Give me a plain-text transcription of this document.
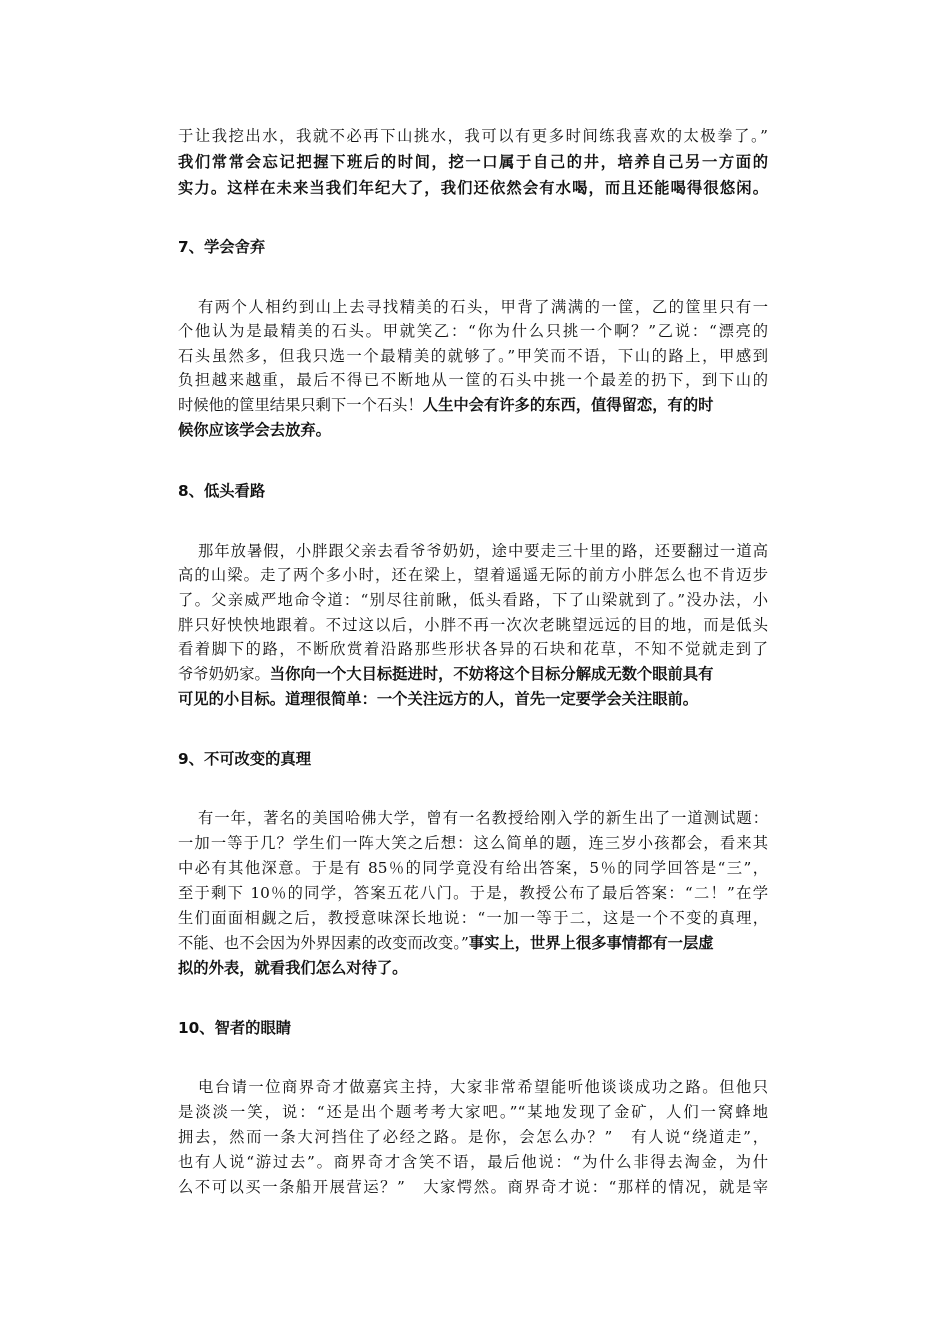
于让我挖出水，我就不必再下山挑水，我可以有更多时间练我喜欢的太极拳了。”
我们常常会忘记把握下班后的时间，挖一口属于自己的井，培养自己另一方面的
实力。这样在未来当我们年纪大了，我们还依然会有水喝，而且还能喝得很悠闲。
7、学会舍弃
有两个人相约到山上去寻找精美的石头，甲背了满满的一筐，乙的筐里只有一
个他认为是最精美的石头。甲就笑乙：“你为什么只挑一个啊？”乙说：“漂亮的
石头虽然多，但我只选一个最精美的就够了。”甲笑而不语，下山的路上，甲感到
负担越来越重，最后不得已不断地从一筐的石头中挑一个最差的扔下，到下山的
时候他的筐里结果只剩下一个石头！人生中会有许多的东西，值得留恋，有的时
候你应该学会去放弃。
8、低头看路
那年放暑假，小胖跟父亲去看爷爷奶奶，途中要走三十里的路，还要翻过一道高
高的山梁。走了两个多小时，还在梁上，望着遥遥无际的前方小胖怎么也不肯迈步
了。父亲威严地命令道：“别尽往前瞅，低头看路，下了山梁就到了。”没办法，小
胖只好怏怏地跟着。不过这以后，小胖不再一次次老眺望远远的目的地，而是低头
看着脚下的路，不断欣赏着沿路那些形状各异的石块和花草，不知不觉就走到了
爷爷奶奶家。当你向一个大目标挺进时，不妨将这个目标分解成无数个眼前具有
可见的小目标。道理很简单：一个关注远方的人，首先一定要学会关注眼前。
9、不可改变的真理
有一年，著名的美国哈佛大学，曾有一名教授给刚入学的新生出了一道测试题：
一加一等于几？学生们一阵大笑之后想：这么简单的题，连三岁小孩都会，看来其
中必有其他深意。于是有 85％的同学竟没有给出答案，5％的同学回答是“三”，
至于剩下 10％的同学，答案五花八门。于是，教授公布了最后答案：“二！”在学
生们面面相觑之后，教授意味深长地说：“一加一等于二，这是一个不变的真理，
不能、也不会因为外界因素的改变而改变。”事实上，世界上很多事情都有一层虚
拟的外表，就看我们怎么对待了。
10、智者的眼睛
电台请一位商界奇才做嘉宾主持，大家非常希望能听他谈谈成功之路。但他只
是淡淡一笑，说：“还是出个题考考大家吧。”“某地发现了金矿，人们一窝蜂地
拥去，然而一条大河挡住了必经之路。是你，会怎么办？”　有人说“绕道走”，
也有人说“游过去”。商界奇才含笑不语，最后他说：“为什么非得去淘金，为什
么不可以买一条船开展营运？”　大家愕然。商界奇才说：“那样的情况，就是宰
